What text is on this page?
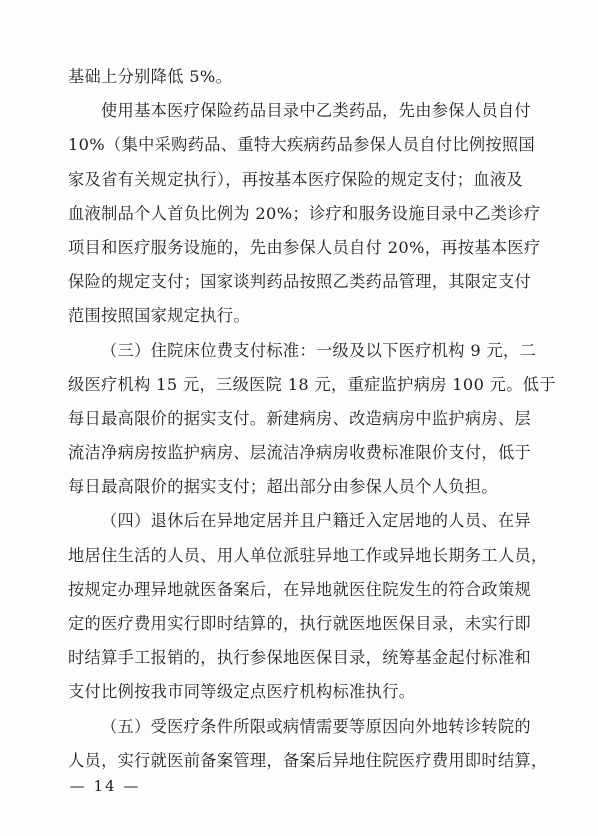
基础上分别降低 5%。
使用基本医疗保险药品目录中乙类药品，先由参保人员自付
10%（集中采购药品、重特大疾病药品参保人员自付比例按照国
家及省有关规定执行），再按基本医疗保险的规定支付；血液及
血液制品个人首负比例为 20%；诊疗和服务设施目录中乙类诊疗
项目和医疗服务设施的，先由参保人员自付 20%，再按基本医疗
保险的规定支付；国家谈判药品按照乙类药品管理，其限定支付
范围按照国家规定执行。
（三）住院床位费支付标准：一级及以下医疗机构 9 元，二
级医疗机构 15 元，三级医院 18 元，重症监护病房 100 元。低于
每日最高限价的据实支付。新建病房、改造病房中监护病房、层
流洁净病房按监护病房、层流洁净病房收费标准限价支付，低于
每日最高限价的据实支付；超出部分由参保人员个人负担。
（四）退休后在异地定居并且户籍迁入定居地的人员、在异
地居住生活的人员、用人单位派驻异地工作或异地长期务工人员，
按规定办理异地就医备案后，在异地就医住院发生的符合政策规
定的医疗费用实行即时结算的，执行就医地医保目录，未实行即
时结算手工报销的，执行参保地医保目录，统筹基金起付标准和
支付比例按我市同等级定点医疗机构标准执行。
（五）受医疗条件所限或病情需要等原因向外地转诊转院的
人员，实行就医前备案管理，备案后异地住院医疗费用即时结算，
— 14 —
